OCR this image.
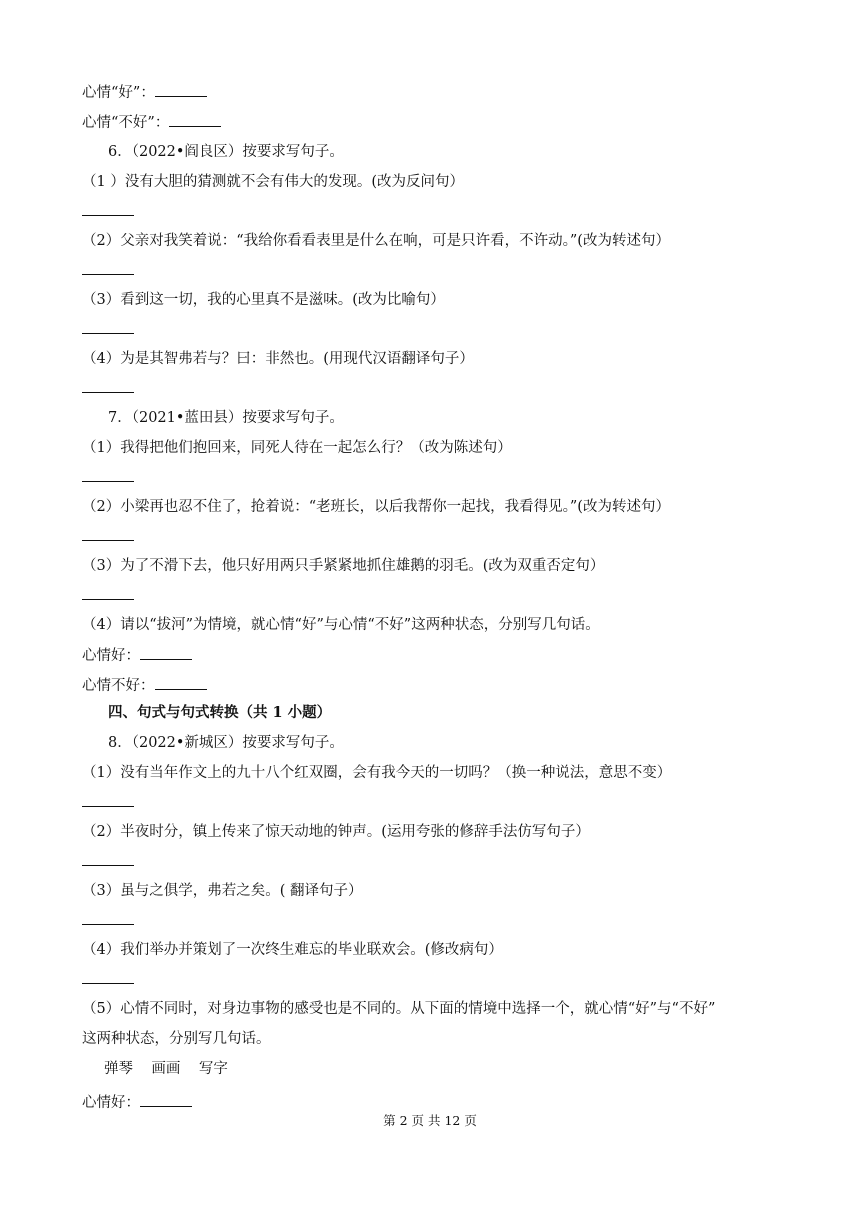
心情“好”：
心情“不好”：
6．（2022•阎良区）按要求写句子。
（1 ）没有大胆的猜测就不会有伟大的发现。(改为反问句）
（2）父亲对我笑着说：“我给你看看表里是什么在响，可是只许看，不许动。”(改为转述句）
（3）看到这一切，我的心里真不是滋味。(改为比喻句）
（4）为是其智弗若与？曰：非然也。(用现代汉语翻译句子）
7．（2021•蓝田县）按要求写句子。
（1）我得把他们抱回来，同死人待在一起怎么行？（改为陈述句）
（2）小梁再也忍不住了，抢着说：“老班长，以后我帮你一起找，我看得见。”(改为转述句）
（3）为了不滑下去，他只好用两只手紧紧地抓住雄鹅的羽毛。(改为双重否定句）
（4）请以“拔河”为情境，就心情“好”与心情“不好”这两种状态，分别写几句话。
心情好：
心情不好：
四、句式与句式转换（共 1 小题）
8．（2022•新城区）按要求写句子。
（1）没有当年作文上的九十八个红双圈，会有我今天的一切吗？（换一种说法，意思不变）
（2）半夜时分，镇上传来了惊天动地的钟声。(运用夸张的修辞手法仿写句子）
（3）虽与之俱学，弗若之矣。( 翻译句子）
（4）我们举办并策划了一次终生难忘的毕业联欢会。(修改病句）
（5）心情不同时，对身边事物的感受也是不同的。从下面的情境中选择一个，就心情“好”与“不好”
这两种状态，分别写几句话。
弹琴    画画    写字
心情好：
第 2 页 共 12 页
